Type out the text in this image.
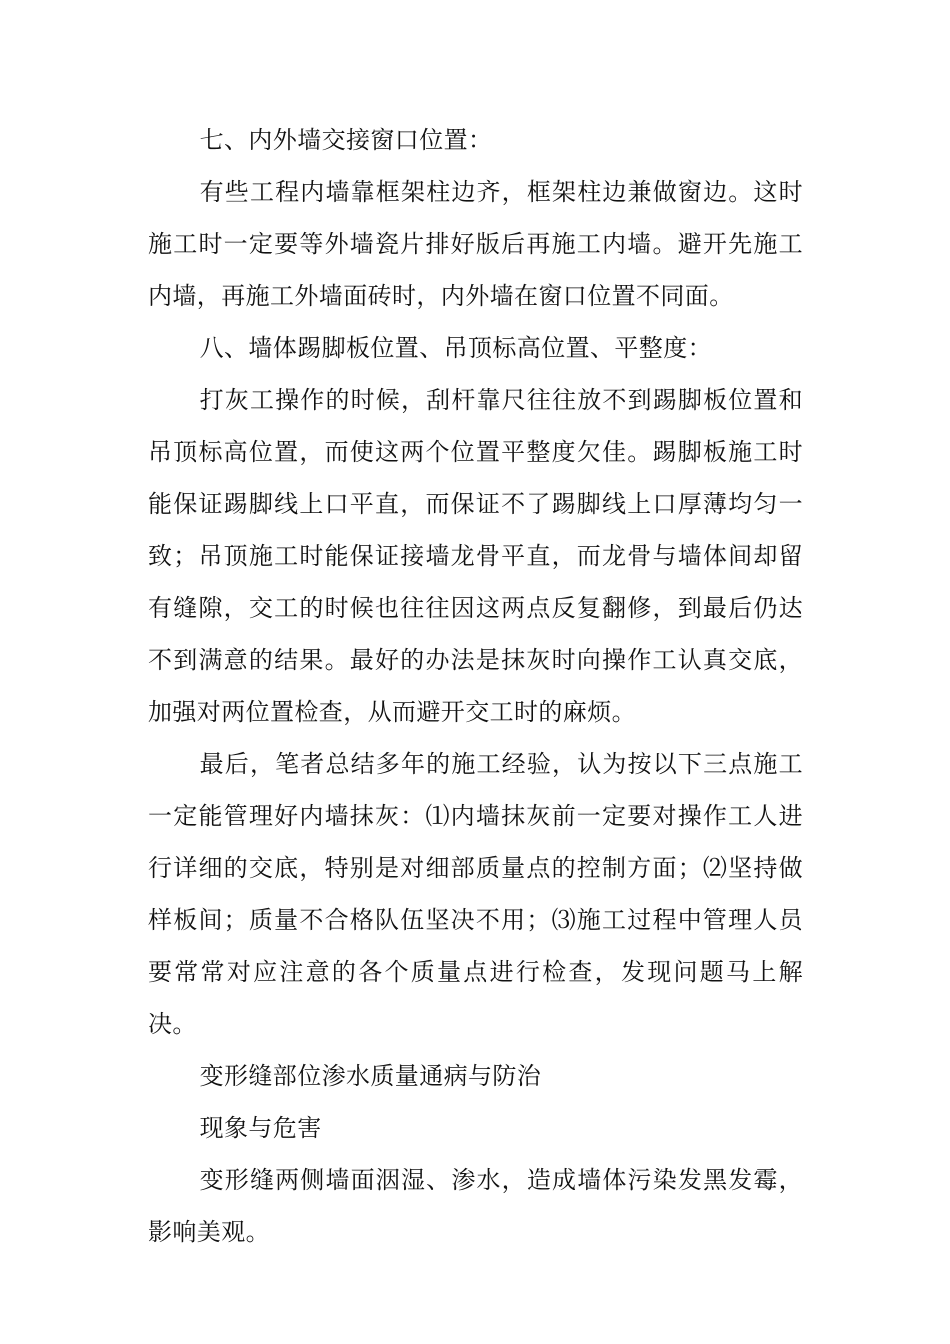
七、内外墙交接窗口位置：

有些工程内墙靠框架柱边齐，框架柱边兼做窗边。这时施工时一定要等外墙瓷片排好版后再施工内墙。避开先施工内墙，再施工外墙面砖时，内外墙在窗口位置不同面。

八、墙体踢脚板位置、吊顶标高位置、平整度：

打灰工操作的时候，刮杆靠尺往往放不到踢脚板位置和吊顶标高位置，而使这两个位置平整度欠佳。踢脚板施工时能保证踢脚线上口平直，而保证不了踢脚线上口厚薄均匀一致；吊顶施工时能保证接墙龙骨平直，而龙骨与墙体间却留有缝隙，交工的时候也往往因这两点反复翻修，到最后仍达不到满意的结果。最好的办法是抹灰时向操作工认真交底，加强对两位置检查，从而避开交工时的麻烦。

最后，笔者总结多年的施工经验，认为按以下三点施工一定能管理好内墙抹灰：⑴内墙抹灰前一定要对操作工人进行详细的交底，特别是对细部质量点的控制方面；⑵坚持做样板间；质量不合格队伍坚决不用；⑶施工过程中管理人员要常常对应注意的各个质量点进行检查，发现问题马上解决。

变形缝部位渗水质量通病与防治

现象与危害

变形缝两侧墙面洇湿、渗水，造成墙体污染发黑发霉，影响美观。
